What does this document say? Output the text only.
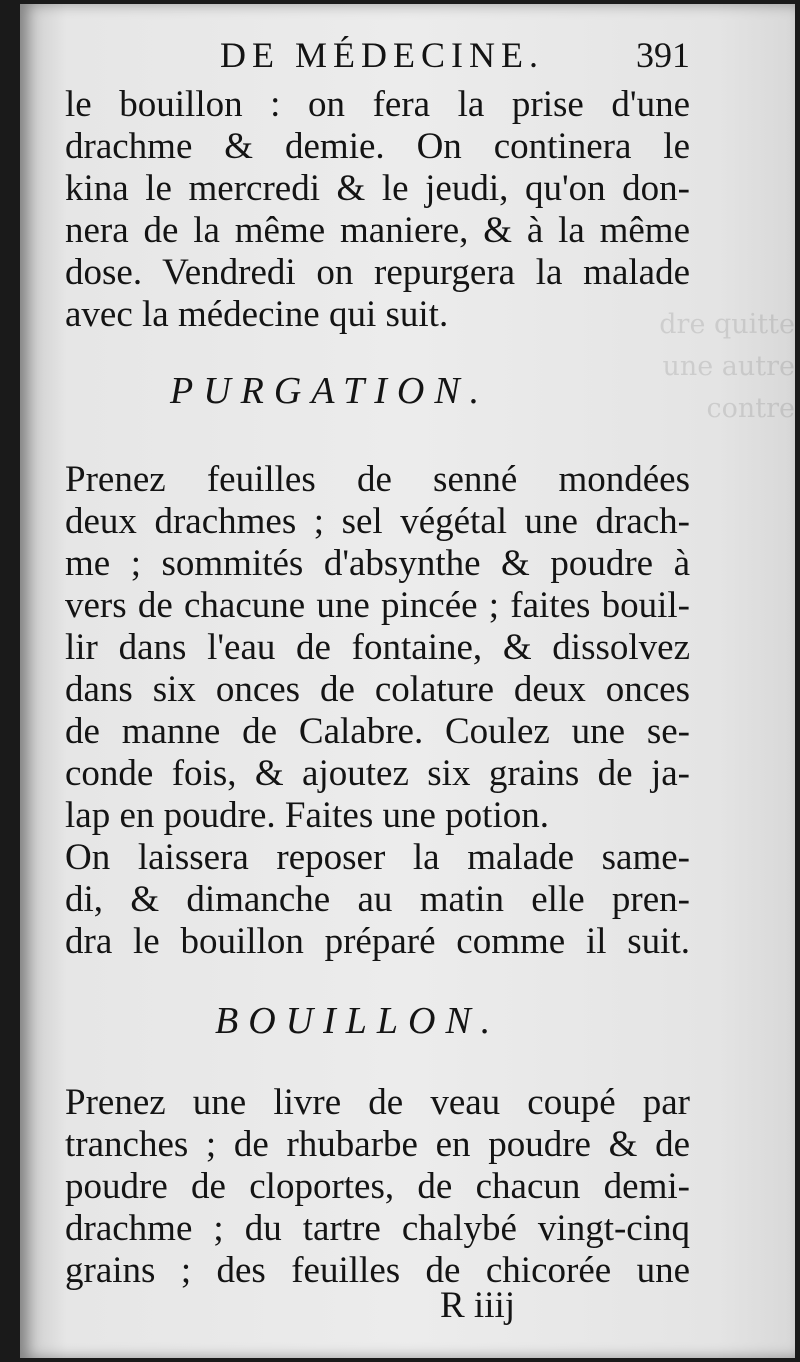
dre quitte
une autre
contre
DE MÉDECINE.	391
le bouillon : on fera la prise d'une
drachme & demie. On continera le
kina le mercredi & le jeudi, qu'on don-
nera de la même maniere, & à la même
dose. Vendredi on repurgera la malade
avec la médecine qui suit.
PURGATION.
Prenez feuilles de senné mondées
deux drachmes ; sel végétal une drach-
me ; sommités d'absynthe & poudre à
vers de chacune une pincée ; faites bouil-
lir dans l'eau de fontaine, & dissolvez
dans six onces de colature deux onces
de manne de Calabre. Coulez une se-
conde fois, & ajoutez six grains de ja-
lap en poudre. Faites une potion.
On laissera reposer la malade same-
di, & dimanche au matin elle pren-
dra le bouillon préparé comme il suit.
BOUILLON.
Prenez une livre de veau coupé par
tranches ; de rhubarbe en poudre & de
poudre de cloportes, de chacun demi-
drachme ; du tartre chalybé vingt-cinq
grains ; des feuilles de chicorée une
R iiij
